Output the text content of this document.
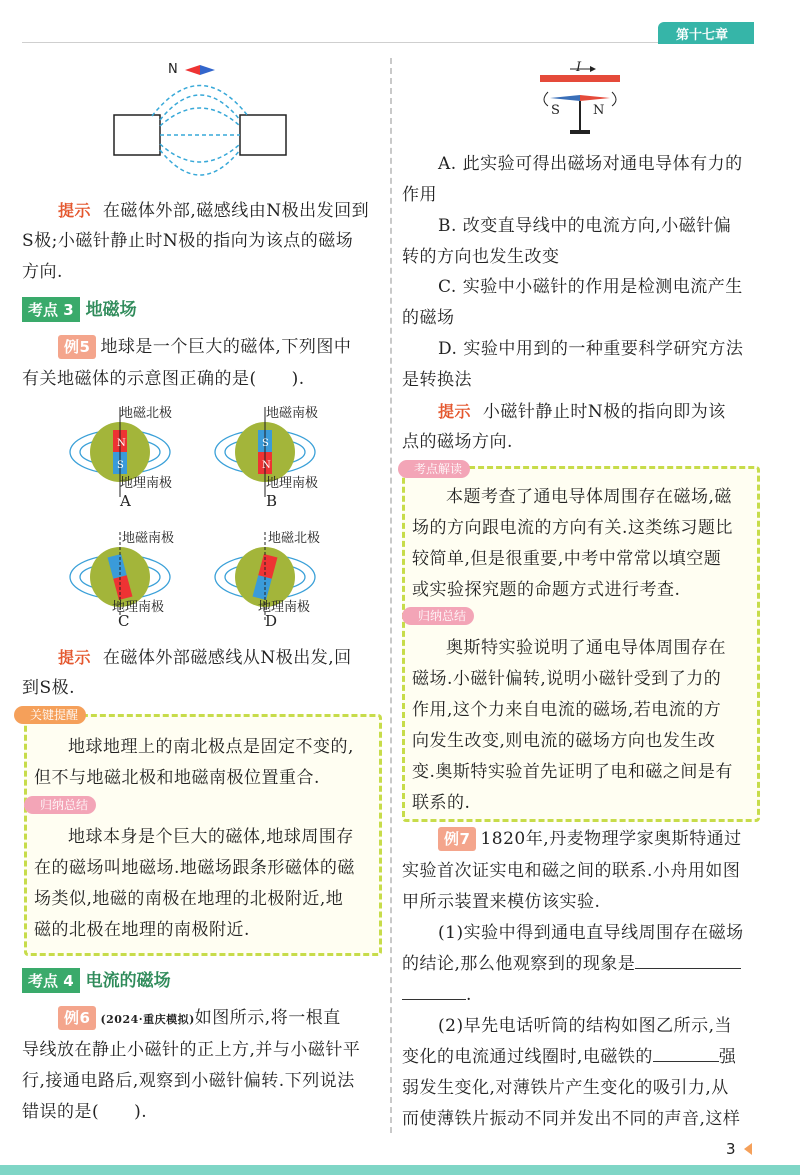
第十七章
N
提示 在磁体外部,磁感线由N极出发回到
S极;小磁针静止时N极的指向为该点的磁场
方向.
考点 3 地磁场
例5 地球是一个巨大的磁体,下列图中
有关地磁体的示意图正确的是(　　).
N
S
S
N
地磁北极
地理南极
A
地磁南极
地理南极
B
地磁南极
地理南极
C
地磁北极
地理南极
D
提示 在磁体外部磁感线从N极出发,回
到S极.
关键提醒
地球地理上的南北极点是固定不变的,
但不与地磁北极和地磁南极位置重合.
归纳总结
地球本身是个巨大的磁体,地球周围存
在的磁场叫地磁场.地磁场跟条形磁体的磁
场类似,地磁的南极在地理的北极附近,地
磁的北极在地理的南极附近.
考点 4 电流的磁场
例6 (2024·重庆模拟)如图所示,将一根直
导线放在静止小磁针的正上方,并与小磁针平
行,接通电路后,观察到小磁针偏转.下列说法
错误的是(　　).
I
S	N
A. 此实验可得出磁场对通电导体有力的
作用
B. 改变直导线中的电流方向,小磁针偏
转的方向也发生改变
C. 实验中小磁针的作用是检测电流产生
的磁场
D. 实验中用到的一种重要科学研究方法
是转换法
提示 小磁针静止时N极的指向即为该
点的磁场方向.
考点解读
本题考查了通电导体周围存在磁场,磁
场的方向跟电流的方向有关.这类练习题比
较简单,但是很重要,中考中常常以填空题
或实验探究题的命题方式进行考查.
归纳总结
奥斯特实验说明了通电导体周围存在
磁场.小磁针偏转,说明小磁针受到了力的
作用,这个力来自电流的磁场,若电流的方
向发生改变,则电流的磁场方向也发生改
变.奥斯特实验首先证明了电和磁之间是有
联系的.
例7 1820年,丹麦物理学家奥斯特通过
实验首次证实电和磁之间的联系.小舟用如图
甲所示装置来模仿该实验.
(1)实验中得到通电直导线周围存在磁场
的结论,那么他观察到的现象是
.
(2)早先电话听筒的结构如图乙所示,当
变化的电流通过线圈时,电磁铁的	强
弱发生变化,对薄铁片产生变化的吸引力,从
而使薄铁片振动不同并发出不同的声音,这样
3
